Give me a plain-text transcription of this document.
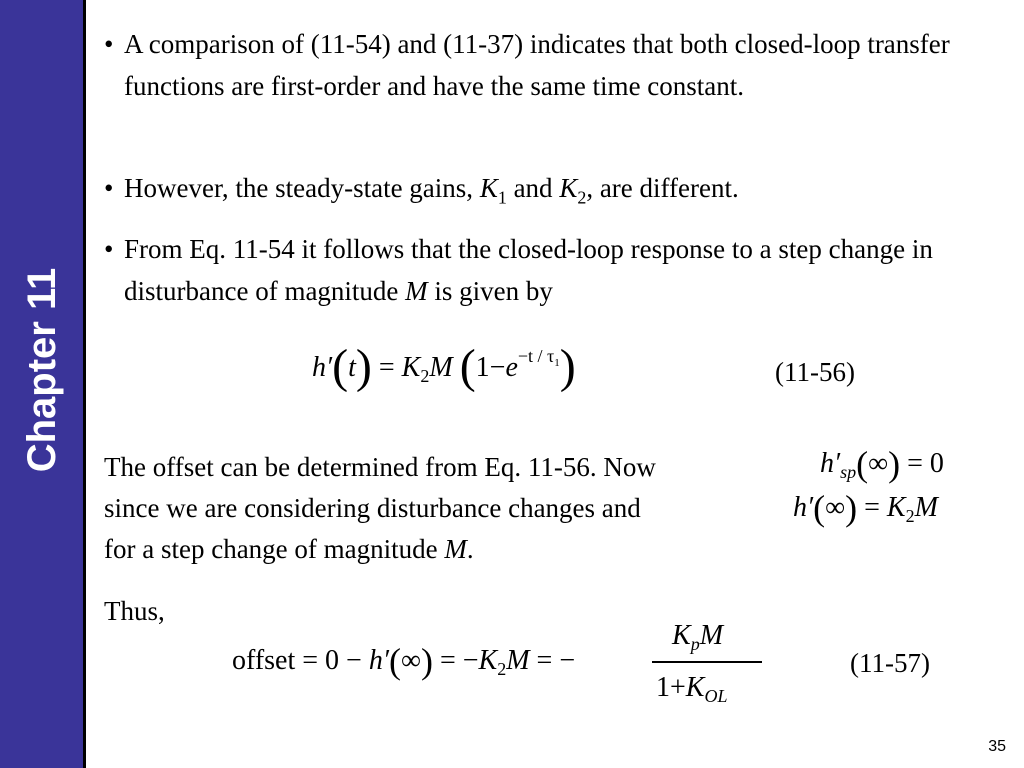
Chapter 11
• A comparison of (11-54) and (11-37) indicates that both closed-loop transfer functions are first-order and have the same time constant.
• However, the steady-state gains, $K_1$ and $K_2$, are different.
• From Eq. 11-54 it follows that the closed-loop response to a step change in disturbance of magnitude M is given by
$h'(t) = K_2M$ $(1-e^{-t / \tau 1})$	(11-56)
The offset can be determined from Eq. 11-56. Now
since we are considering disturbance changes and
for a step change of magnitude M.
$h'_{sp}(\infty) = 0$
$h'(\infty) = K_2M$
Thus,
offset = $0 - h'(\infty) = -K_2M$ = −
$K_pM$
$1+K_{OL}$
(11-57)
35
